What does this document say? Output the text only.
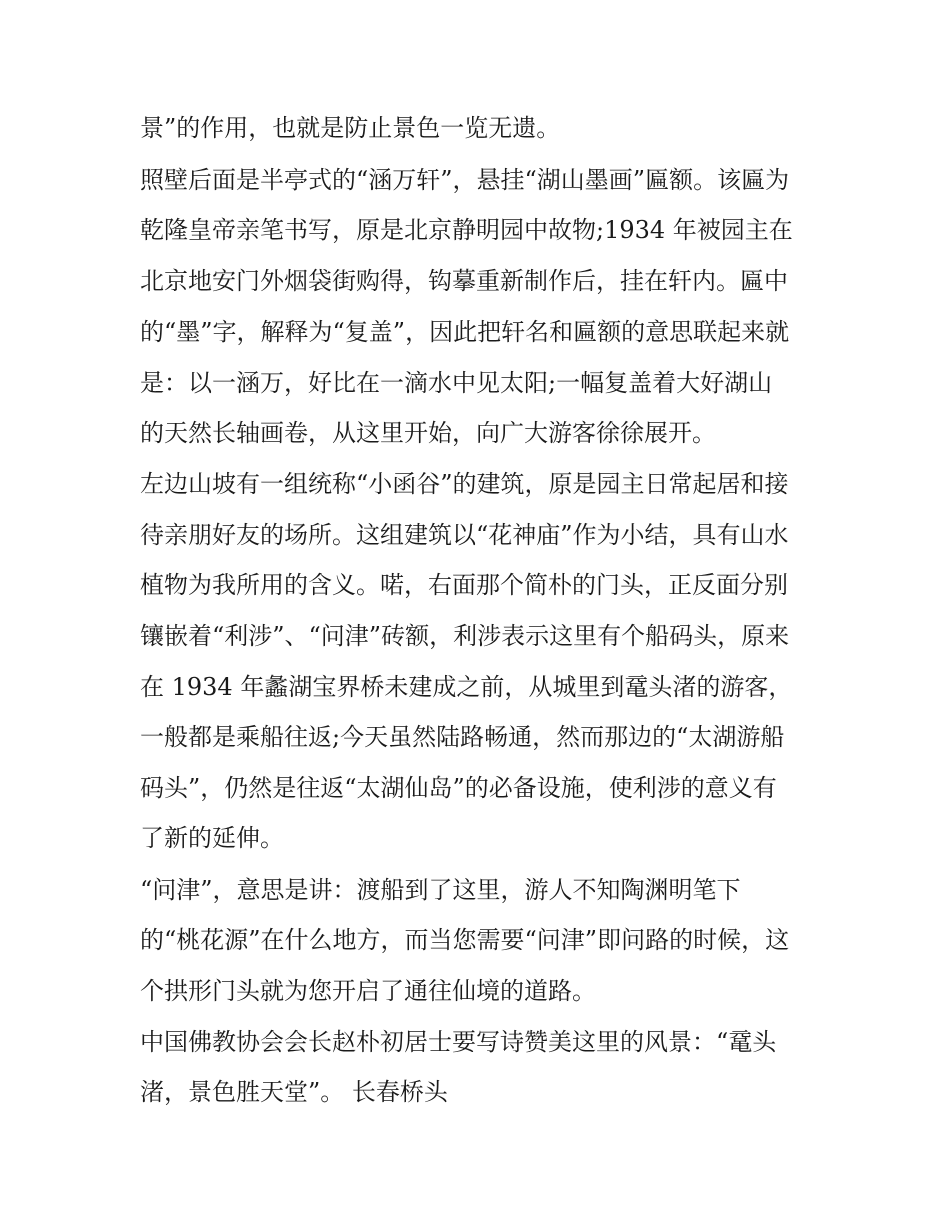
景”的作用，也就是防止景色一览无遗。
照壁后面是半亭式的“涵万轩”，悬挂“湖山墨画”匾额。该匾为
乾隆皇帝亲笔书写，原是北京静明园中故物;1934 年被园主在
北京地安门外烟袋街购得，钩摹重新制作后，挂在轩内。匾中
的“墨”字，解释为“复盖”，因此把轩名和匾额的意思联起来就
是：以一涵万，好比在一滴水中见太阳;一幅复盖着大好湖山
的天然长轴画卷，从这里开始，向广大游客徐徐展开。
左边山坡有一组统称“小函谷”的建筑，原是园主日常起居和接
待亲朋好友的场所。这组建筑以“花神庙”作为小结，具有山水
植物为我所用的含义。喏，右面那个简朴的门头，正反面分别
镶嵌着“利涉”、“问津”砖额，利涉表示这里有个船码头，原来
在 1934 年蠡湖宝界桥未建成之前，从城里到鼋头渚的游客，
一般都是乘船往返;今天虽然陆路畅通，然而那边的“太湖游船
码头”，仍然是往返“太湖仙岛”的必备设施，使利涉的意义有
了新的延伸。
“问津”，意思是讲：渡船到了这里，游人不知陶渊明笔下
的“桃花源”在什么地方，而当您需要“问津”即问路的时候，这
个拱形门头就为您开启了通往仙境的道路。
中国佛教协会会长赵朴初居士要写诗赞美这里的风景：“鼋头
渚，景色胜天堂”。 长春桥头
